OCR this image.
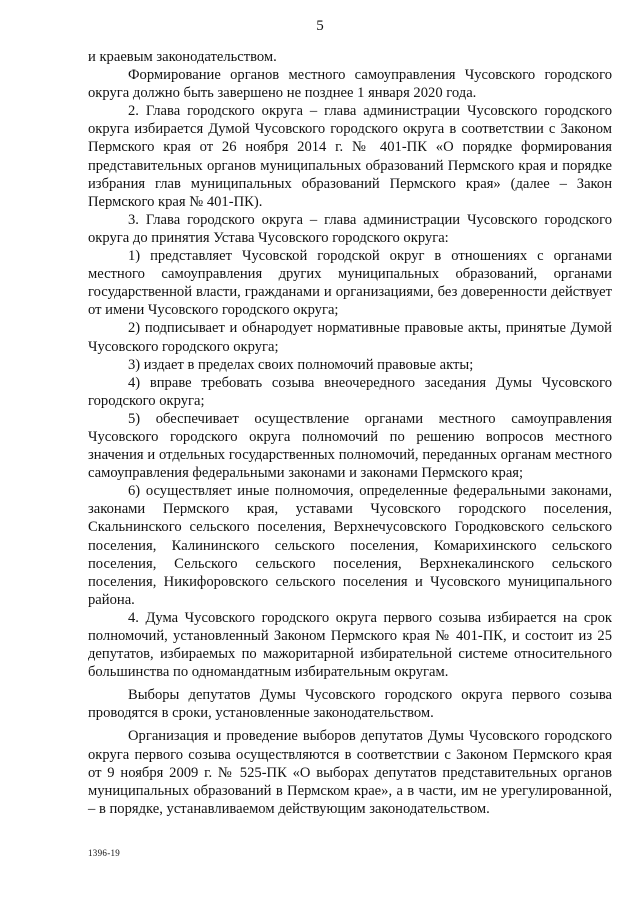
5

и краевым законодательством.

Формирование органов местного самоуправления Чусовского городского округа должно быть завершено не позднее 1 января 2020 года.

2. Глава городского округа – глава администрации Чусовского городского округа избирается Думой Чусовского городского округа в соответствии с Законом Пермского края от 26 ноября 2014 г. № 401-ПК «О порядке формирования представительных органов муниципальных образований Пермского края и порядке избрания глав муниципальных образований Пермского края» (далее – Закон Пермского края № 401-ПК).

3. Глава городского округа – глава администрации Чусовского городского округа до принятия Устава Чусовского городского округа:

1) представляет Чусовской городской округ в отношениях с органами местного самоуправления других муниципальных образований, органами государственной власти, гражданами и организациями, без доверенности действует от имени Чусовского городского округа;

2) подписывает и обнародует нормативные правовые акты, принятые Думой Чусовского городского округа;

3) издает в пределах своих полномочий правовые акты;

4) вправе требовать созыва внеочередного заседания Думы Чусовского городского округа;

5) обеспечивает осуществление органами местного самоуправления Чусовского городского округа полномочий по решению вопросов местного значения и отдельных государственных полномочий, переданных органам местного самоуправления федеральными законами и законами Пермского края;

6) осуществляет иные полномочия, определенные федеральными законами, законами Пермского края, уставами Чусовского городского поселения, Скальнинского сельского поселения, Верхнечусовского Городковского сельского поселения, Калининского сельского поселения, Комарихинского сельского поселения, Сельского сельского поселения, Верхнекалинского сельского поселения, Никифоровского сельского поселения и Чусовского муниципального района.

4. Дума Чусовского городского округа первого созыва избирается на срок полномочий, установленный Законом Пермского края № 401-ПК, и состоит из 25 депутатов, избираемых по мажоритарной избирательной системе относительного большинства по одномандатным избирательным округам.

Выборы депутатов Думы Чусовского городского округа первого созыва проводятся в сроки, установленные законодательством.

Организация и проведение выборов депутатов Думы Чусовского городского округа первого созыва осуществляются в соответствии с Законом Пермского края от 9 ноября 2009 г. № 525-ПК «О выборах депутатов представительных органов муниципальных образований в Пермском крае», а в части, им не урегулированной, – в порядке, устанавливаемом действующим законодательством.

1396-19
